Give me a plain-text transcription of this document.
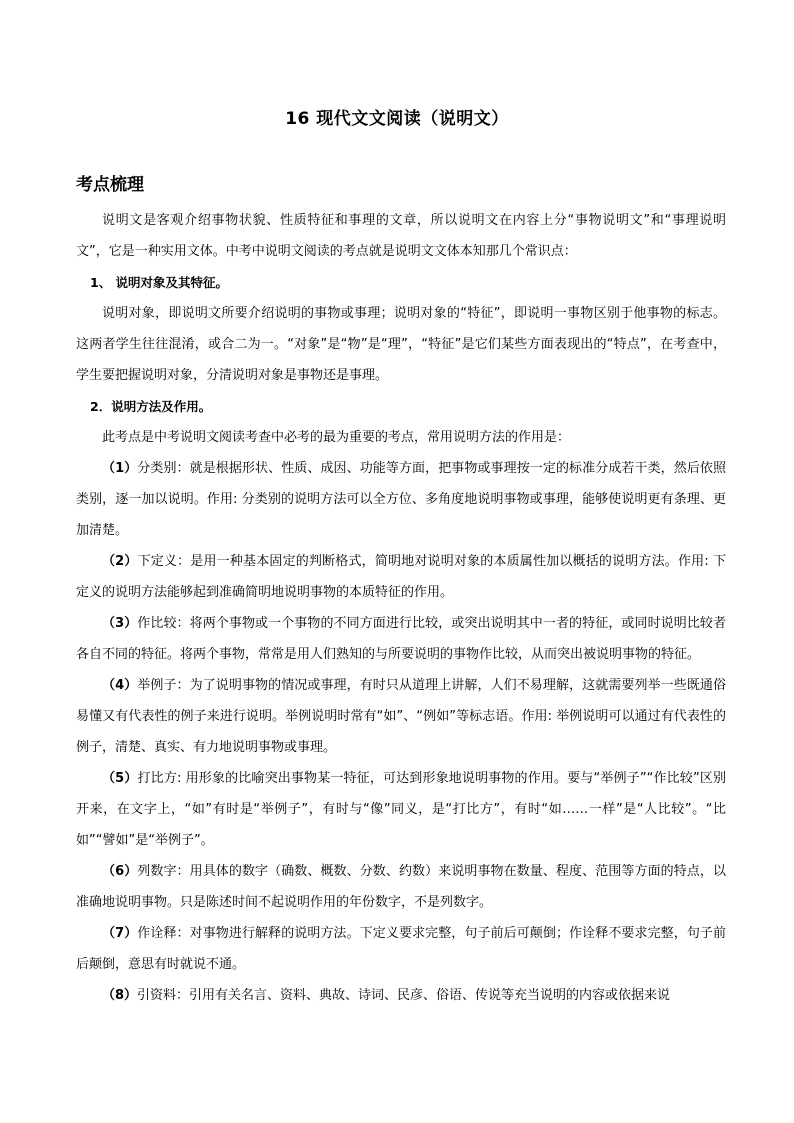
16 现代文文阅读（说明文）
考点梳理

说明文是客观介绍事物状貌、性质特征和事理的文章，所以说明文在内容上分“事物说明文”和“事理说明文”，它是一种实用文体。中考中说明文阅读的考点就是说明文文体本知那几个常识点：

1、 说明对象及其特征。

说明对象，即说明文所要介绍说明的事物或事理；说明对象的“特征”，即说明一事物区别于他事物的标志。这两者学生往往混淆，或合二为一。“对象”是“物”是“理”，“特征”是它们某些方面表现出的“特点”，在考查中，学生要把握说明对象，分清说明对象是事物还是事理。

2．说明方法及作用。

此考点是中考说明文阅读考查中必考的最为重要的考点，常用说明方法的作用是：

（1）分类别：就是根据形状、性质、成因、功能等方面，把事物或事理按一定的标准分成若干类，然后依照类别，逐一加以说明。作用: 分类别的说明方法可以全方位、多角度地说明事物或事理，能够使说明更有条理、更加清楚。

（2）下定义：是用一种基本固定的判断格式，简明地对说明对象的本质属性加以概括的说明方法。作用: 下定义的说明方法能够起到准确简明地说明事物的本质特征的作用。

（3）作比较：将两个事物或一个事物的不同方面进行比较，或突出说明其中一者的特征，或同时说明比较者各自不同的特征。将两个事物，常常是用人们熟知的与所要说明的事物作比较，从而突出被说明事物的特征。

（4）举例子：为了说明事物的情况或事理，有时只从道理上讲解，人们不易理解，这就需要列举一些既通俗易懂又有代表性的例子来进行说明。举例说明时常有“如”、“例如”等标志语。作用: 举例说明可以通过有代表性的例子，清楚、真实、有力地说明事物或事理。

（5）打比方: 用形象的比喻突出事物某一特征，可达到形象地说明事物的作用。要与“举例子”“作比较”区别开来，在文字上，“如”有时是“举例子”，有时与“像”同义，是“打比方”，有时“如……一样”是“人比较”。“比如”“譬如”是“举例子”。

（6）列数字：用具体的数字（确数、概数、分数、约数）来说明事物在数量、程度、范围等方面的特点，以准确地说明事物。只是陈述时间不起说明作用的年份数字，不是列数字。

（7）作诠释：对事物进行解释的说明方法。下定义要求完整，句子前后可颠倒；作诠释不要求完整，句子前后颠倒，意思有时就说不通。

（8）引资料：引用有关名言、资料、典故、诗词、民彦、俗语、传说等充当说明的内容或依据来说
